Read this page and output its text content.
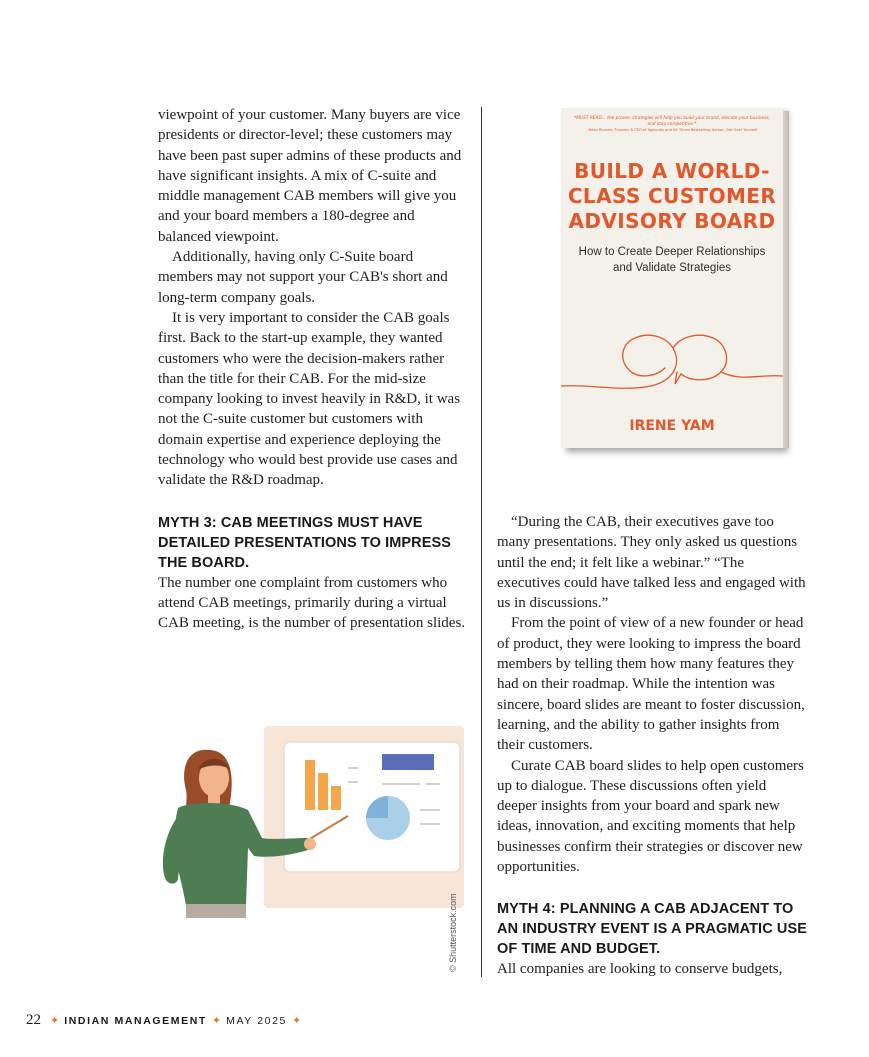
viewpoint of your customer. Many buyers are vice presidents or director-level; these customers may have been past super admins of these products and have significant insights. A mix of C-suite and middle management CAB members will give you and your board members a 180-degree and balanced viewpoint.

Additionally, having only C-Suite board members may not support your CAB's short and long-term company goals.

It is very important to consider the CAB goals first. Back to the start-up example, they wanted customers who were the decision-makers rather than the title for their CAB. For the mid-size company looking to invest heavily in R&D, it was not the C-suite customer but customers with domain expertise and experience deploying the technology who would best provide use cases and validate the R&D roadmap.

MYTH 3: CAB MEETINGS MUST HAVE DETAILED PRESENTATIONS TO IMPRESS THE BOARD.

The number one complaint from customers who attend CAB meetings, primarily during a virtual CAB meeting, is the number of presentation slides.

❝MUST READ... the proven strategies will help you build your brand, elevate your business, and stay competitive.❞
–Brian Rounds, Founder & CEO of Agencies and NY Times Bestselling Author, Get Over Yourself
BUILD A WORLD-CLASS CUSTOMER ADVISORY BOARD
How to Create Deeper Relationships and Validate Strategies
IRENE YAM

“During the CAB, their executives gave too many presentations. They only asked us questions until the end; it felt like a webinar.” “The executives could have talked less and engaged with us in discussions.”

From the point of view of a new founder or head of product, they were looking to impress the board members by telling them how many features they had on their roadmap. While the intention was sincere, board slides are meant to foster discussion, learning, and the ability to gather insights from their customers.

Curate CAB board slides to help open customers up to dialogue. These discussions often yield deeper insights from your board and spark new ideas, innovation, and exciting moments that help businesses confirm their strategies or discover new opportunities.

MYTH 4: PLANNING A CAB ADJACENT TO AN INDUSTRY EVENT IS A PRAGMATIC USE OF TIME AND BUDGET.

All companies are looking to conserve budgets,

© Shutterstock.com
22 ✦ INDIAN MANAGEMENT ✦ MAY 2025 ✦
